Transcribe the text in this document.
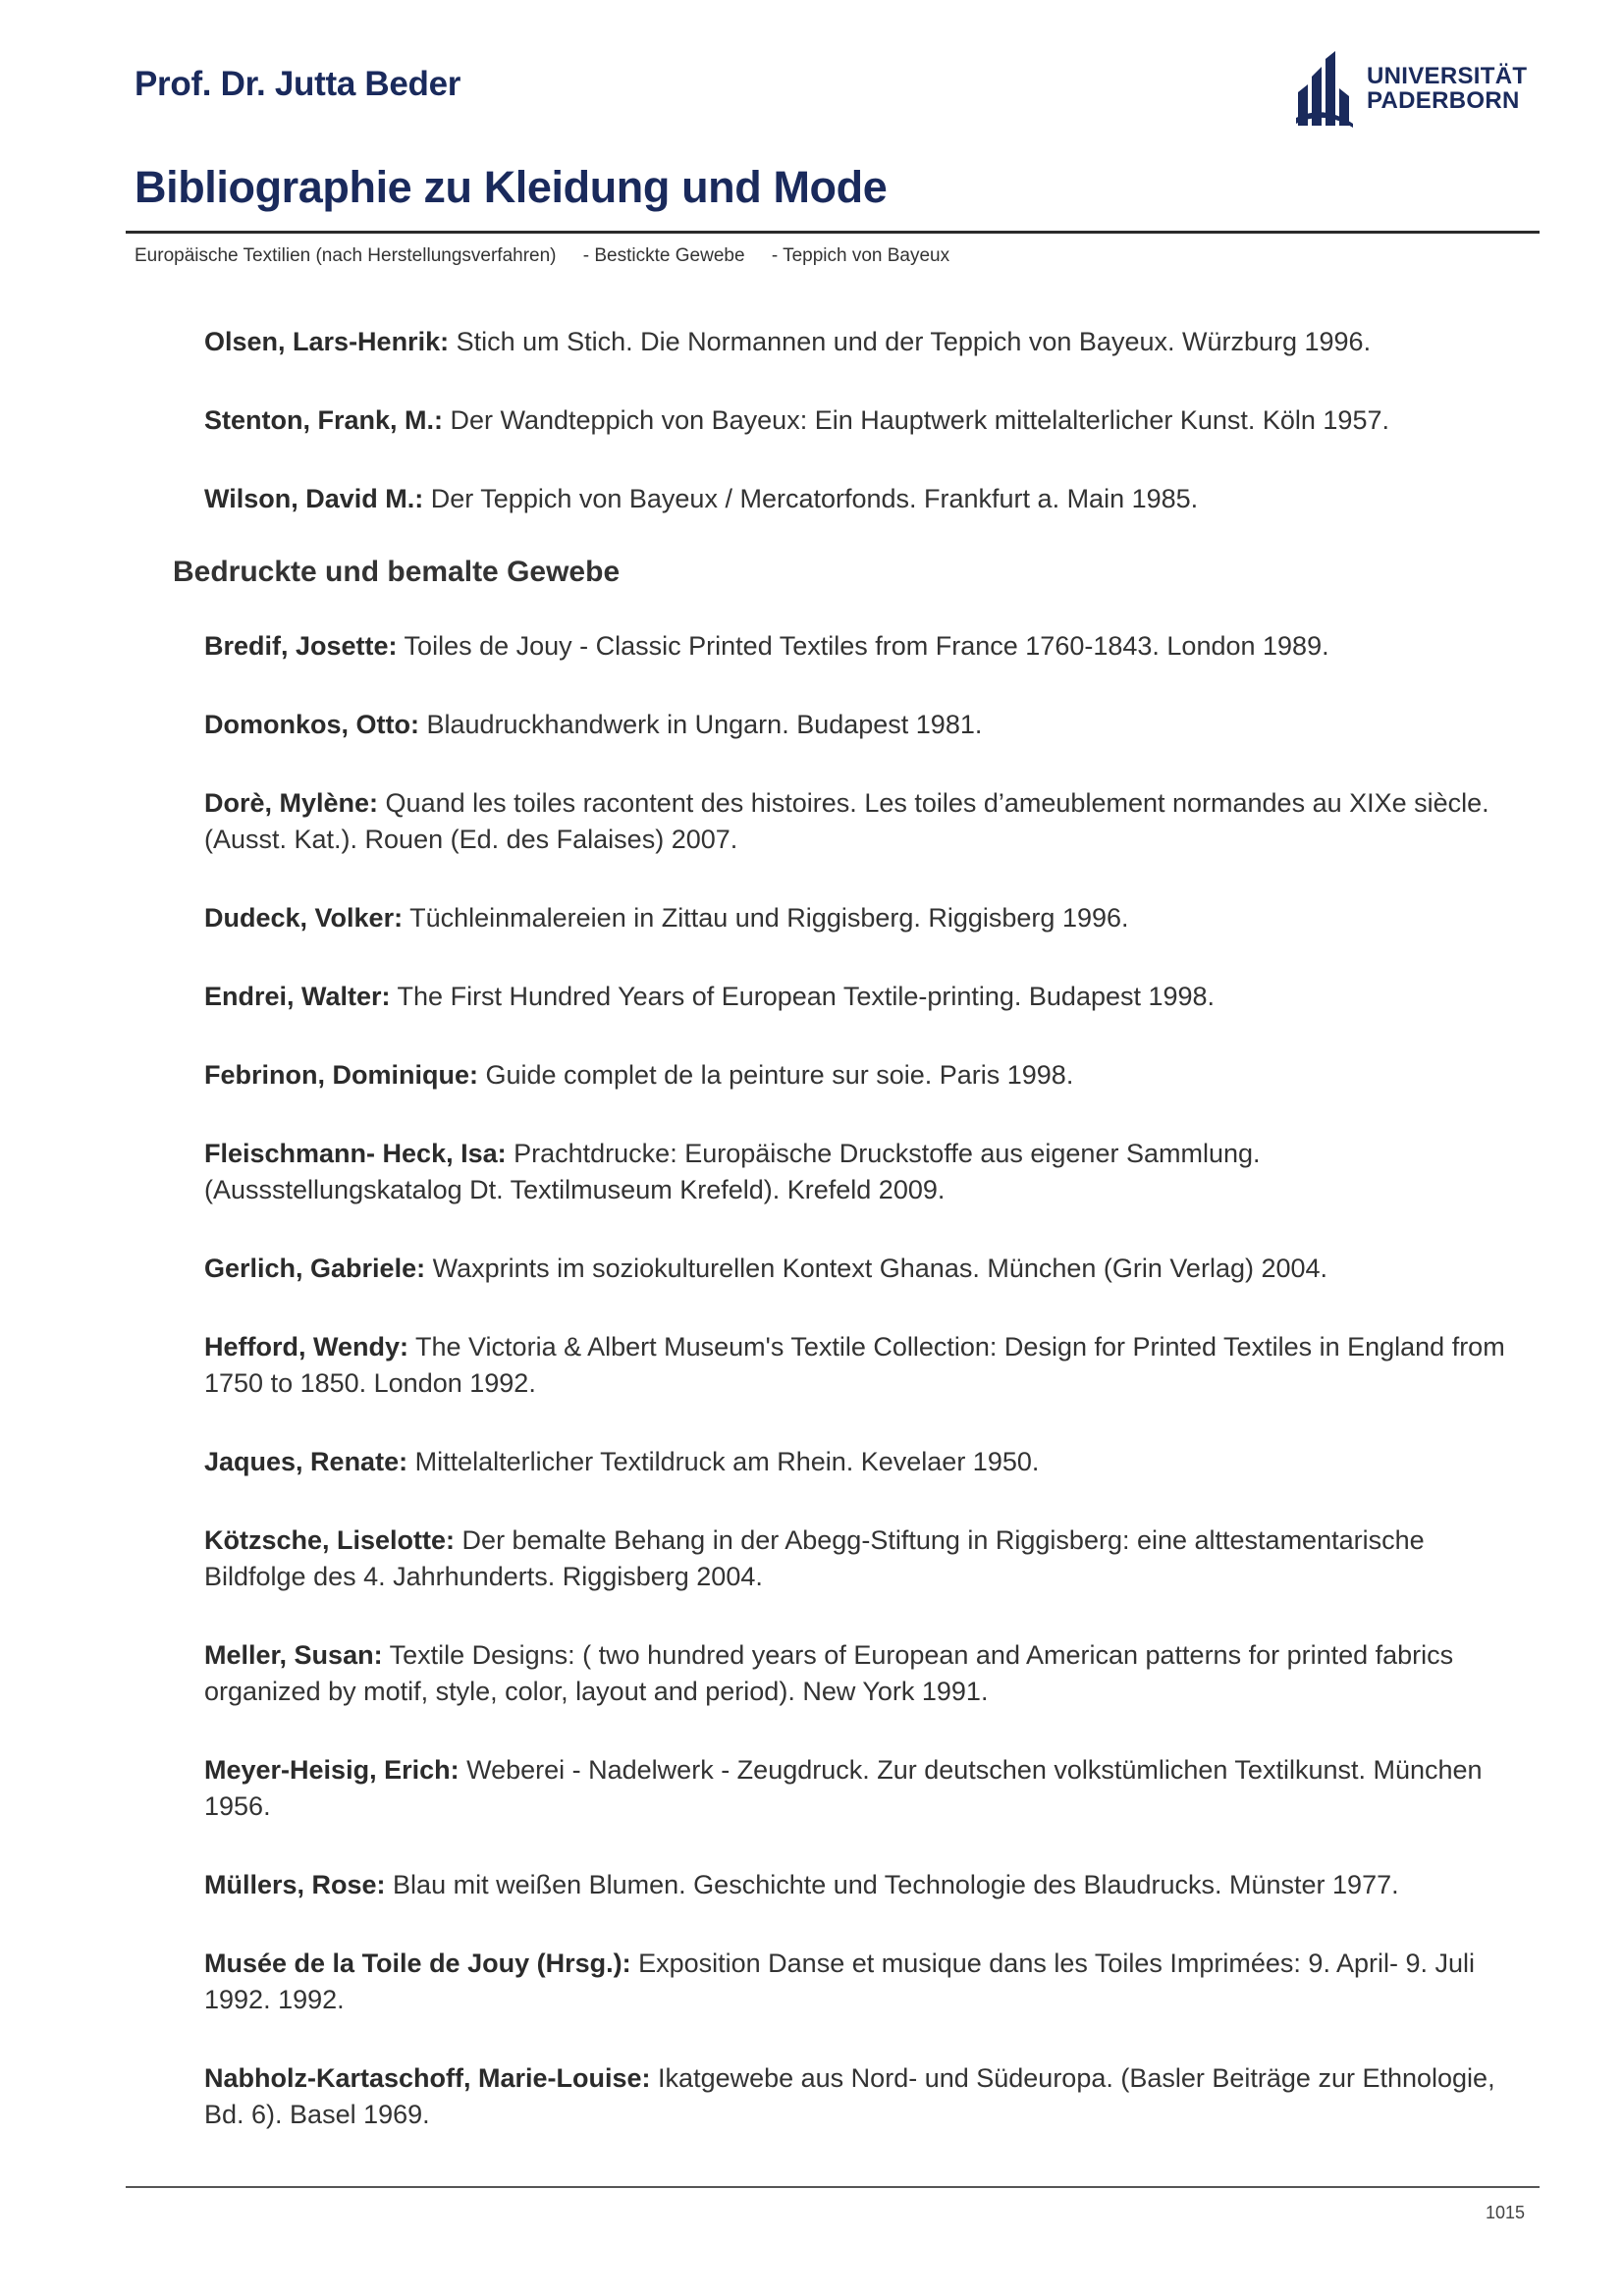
Prof. Dr. Jutta Beder	UNIVERSITÄT
PADERBORN
Bibliographie zu Kleidung und Mode
Europäische Textilien (nach Herstellungsverfahren) - Bestickte Gewebe - Teppich von Bayeux
Olsen, Lars-Henrik: Stich um Stich. Die Normannen und der Teppich von Bayeux. Würzburg 1996.
Stenton, Frank, M.: Der Wandteppich von Bayeux: Ein Hauptwerk mittelalterlicher Kunst. Köln 1957.
Wilson, David M.: Der Teppich von Bayeux / Mercatorfonds. Frankfurt a. Main 1985.
Bedruckte und bemalte Gewebe
Bredif, Josette: Toiles de Jouy - Classic Printed Textiles from France 1760-1843. London 1989.
Domonkos, Otto: Blaudruckhandwerk in Ungarn. Budapest 1981.
Dorè, Mylène: Quand les toiles racontent des histoires. Les toiles d’ameublement normandes au XIXe siècle. (Ausst. Kat.). Rouen (Ed. des Falaises) 2007.
Dudeck, Volker: Tüchleinmalereien in Zittau und Riggisberg. Riggisberg 1996.
Endrei, Walter: The First Hundred Years of European Textile-printing. Budapest 1998.
Febrinon, Dominique: Guide complet de la peinture sur soie. Paris 1998.
Fleischmann- Heck, Isa: Prachtdrucke: Europäische Druckstoffe aus eigener Sammlung. (Aussstellungskatalog Dt. Textilmuseum Krefeld). Krefeld 2009.
Gerlich, Gabriele: Waxprints im soziokulturellen Kontext Ghanas. München (Grin Verlag) 2004.
Hefford, Wendy: The Victoria & Albert Museum's Textile Collection: Design for Printed Textiles in England from 1750 to 1850. London 1992.
Jaques, Renate: Mittelalterlicher Textildruck am Rhein. Kevelaer 1950.
Kötzsche, Liselotte: Der bemalte Behang in der Abegg-Stiftung in Riggisberg: eine alttestamentarische Bildfolge des 4. Jahrhunderts. Riggisberg 2004.
Meller, Susan: Textile Designs: ( two hundred years of European and American patterns for printed fabrics organized by motif, style, color, layout and period). New York 1991.
Meyer-Heisig, Erich: Weberei - Nadelwerk - Zeugdruck. Zur deutschen volkstümlichen Textilkunst. München 1956.
Müllers, Rose: Blau mit weißen Blumen. Geschichte und Technologie des Blaudrucks. Münster 1977.
Musée de la Toile de Jouy (Hrsg.): Exposition Danse et musique dans les Toiles Imprimées: 9. April- 9. Juli 1992. 1992.
Nabholz-Kartaschoff, Marie-Louise: Ikatgewebe aus Nord- und Südeuropa. (Basler Beiträge zur Ethnologie, Bd. 6). Basel 1969.
1015
